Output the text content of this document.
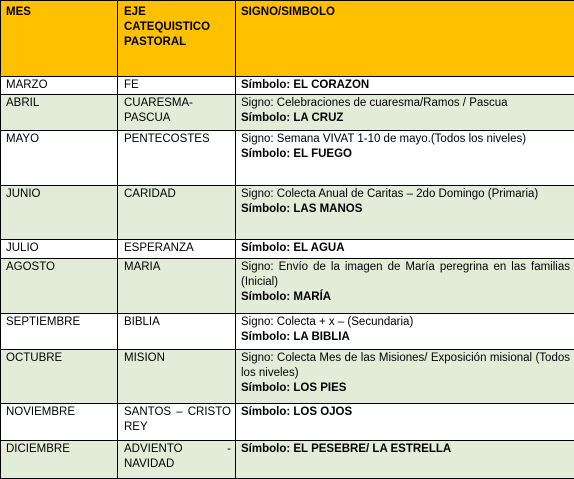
MES	EJE CATEQUISTICO PASTORAL	SIGNO/SIMBOLO
MARZO	FE	Símbolo: EL CORAZON

ABRIL	CUARESMA-PASCUA	Signo: Celebraciones de cuaresma/Ramos / Pascua
Símbolo: LA CRUZ

MAYO	PENTECOSTES	Signo: Semana VIVAT 1-10 de mayo.(Todos los niveles)
Símbolo: EL FUEGO

JUNIO	CARIDAD	Signo: Colecta Anual de Caritas – 2do Domingo (Primaria)
Símbolo: LAS MANOS

JULIO	ESPERANZA	Símbolo: EL AGUA

AGOSTO	MARIA	Signo: Envío de la imagen de María peregrina en las familias (Inicial)
Símbolo: MARÍA

SEPTIEMBRE	BIBLIA	Signo: Colecta + x – (Secundaria)
Símbolo: LA BIBLIA

OCTUBRE	MISION	Signo: Colecta Mes de las Misiones/ Exposición misional (Todos los niveles)
Símbolo: LOS PIES

NOVIEMBRE	SANTOS – CRISTO REY	Símbolo: LOS OJOS

DICIEMBRE	ADVIENTO - NAVIDAD	Símbolo: EL PESEBRE/ LA ESTRELLA
